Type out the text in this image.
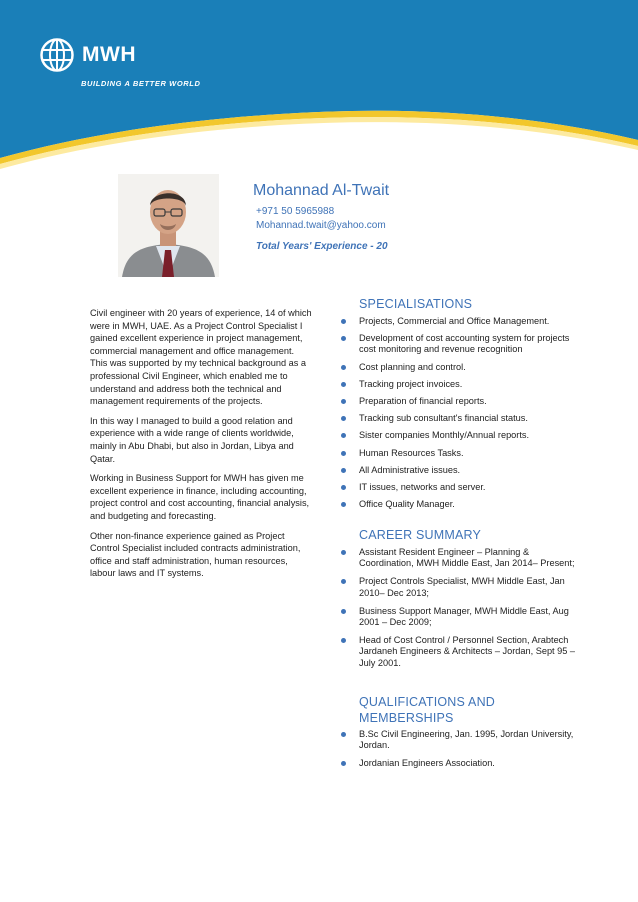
MWH
BUILDING A BETTER WORLD
Mohannad Al-Twait
+971 50 5965988
Mohannad.twait@yahoo.com
Total Years' Experience - 20

Civil engineer with 20 years of experience, 14 of which were in MWH, UAE. As a Project Control Specialist I gained excellent experience in project management, commercial management and office management. This was supported by my technical background as a professional Civil Engineer, which enabled me to understand and address both the technical and management requirements of the projects.

In this way I managed to build a good relation and experience with a wide range of clients worldwide, mainly in Abu Dhabi, but also in Jordan, Libya and Qatar.

Working in Business Support for MWH has given me excellent experience in finance, including accounting, project control and cost accounting, financial analysis, and budgeting and forecasting.

Other non-finance experience gained as Project Control Specialist included contracts administration, office and staff administration, human resources, labour laws and IT systems.

SPECIALISATIONS
Projects, Commercial and Office Management.
Development of cost accounting system for projects cost monitoring and revenue recognition
Cost planning and control.
Tracking project invoices.
Preparation of financial reports.
Tracking sub consultant's financial status.
Sister companies Monthly/Annual reports.
Human Resources Tasks.
All Administrative issues.
IT issues, networks and server.
Office Quality Manager.
CAREER SUMMARY
Assistant Resident Engineer – Planning & Coordination, MWH Middle East, Jan 2014– Present;
Project Controls Specialist, MWH Middle East, Jan 2010– Dec 2013;
Business Support Manager, MWH Middle East, Aug 2001 – Dec 2009;
Head of Cost Control / Personnel Section, Arabtech Jardaneh Engineers & Architects – Jordan, Sept 95 – July 2001.
QUALIFICATIONS AND MEMBERSHIPS
B.Sc Civil Engineering, Jan. 1995, Jordan University, Jordan.
Jordanian Engineers Association.
